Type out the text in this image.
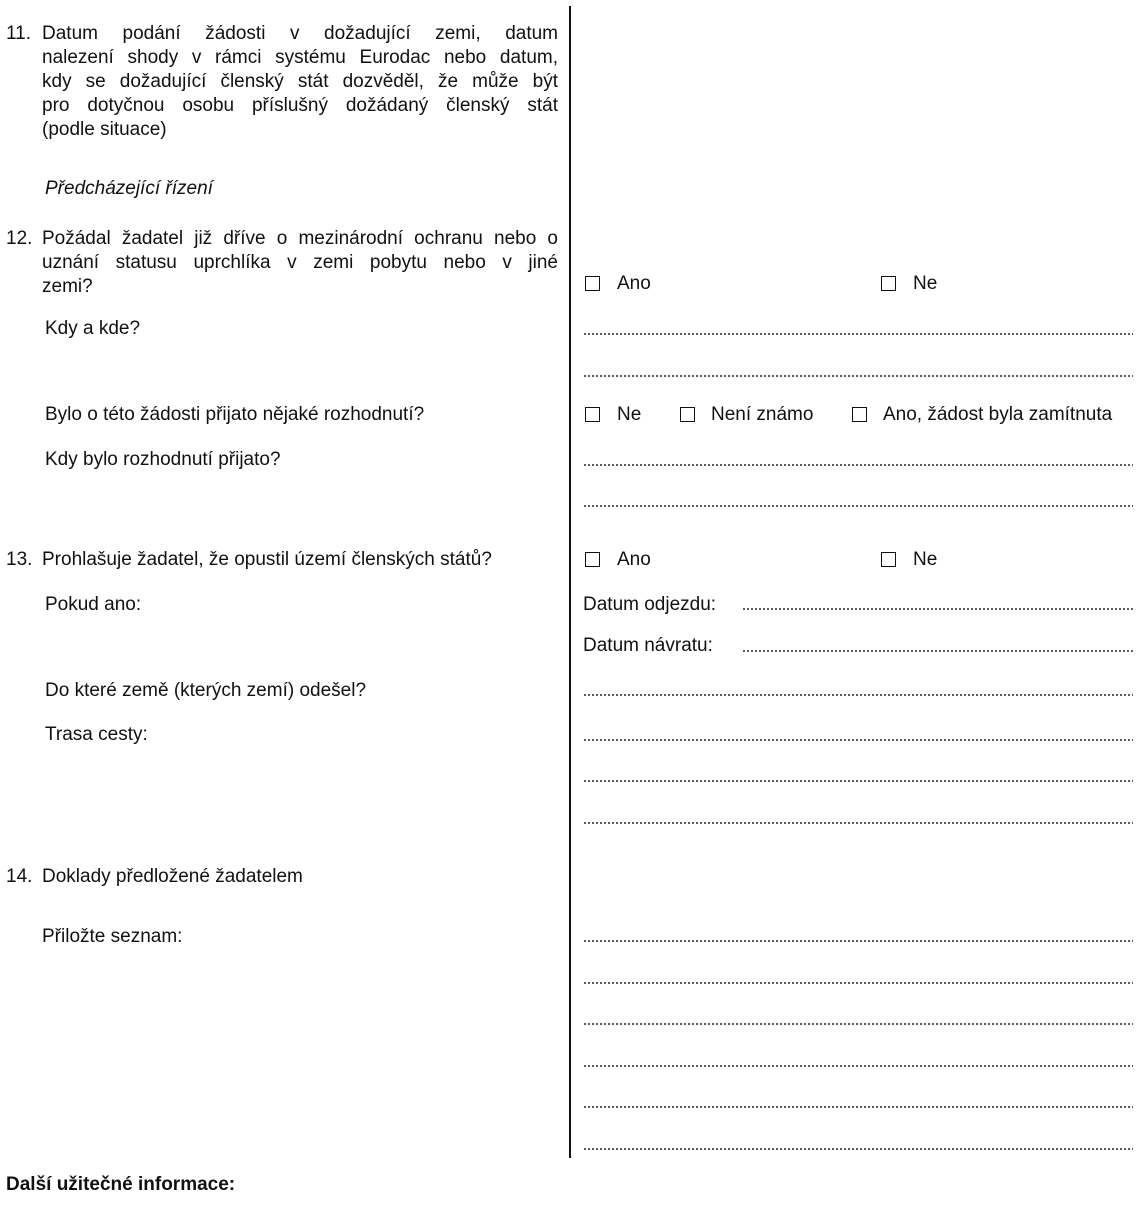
11. Datum podání žádosti v dožadující zemi, datum
nalezení shody v rámci systému Eurodac nebo datum,
kdy se dožadující členský stát dozvěděl, že může být
pro dotyčnou osobu příslušný dožádaný členský stát
(podle situace)
Předcházející řízení
12. Požádal žadatel již dříve o mezinárodní ochranu nebo o
uznání statusu uprchlíka v zemi pobytu nebo v jiné
zemi?	Ano	Ne
Kdy a kde?
Bylo o této žádosti přijato nějaké rozhodnutí?	Ne	Není známo	Ano, žádost byla zamítnuta
Kdy bylo rozhodnutí přijato?
13. Prohlašuje žadatel, že opustil území členských států?	Ano	Ne
Pokud ano:	Datum odjezdu:
Datum návratu:
Do které země (kterých zemí) odešel?
Trasa cesty:
14. Doklady předložené žadatelem
Přiložte seznam:
Další užitečné informace:
